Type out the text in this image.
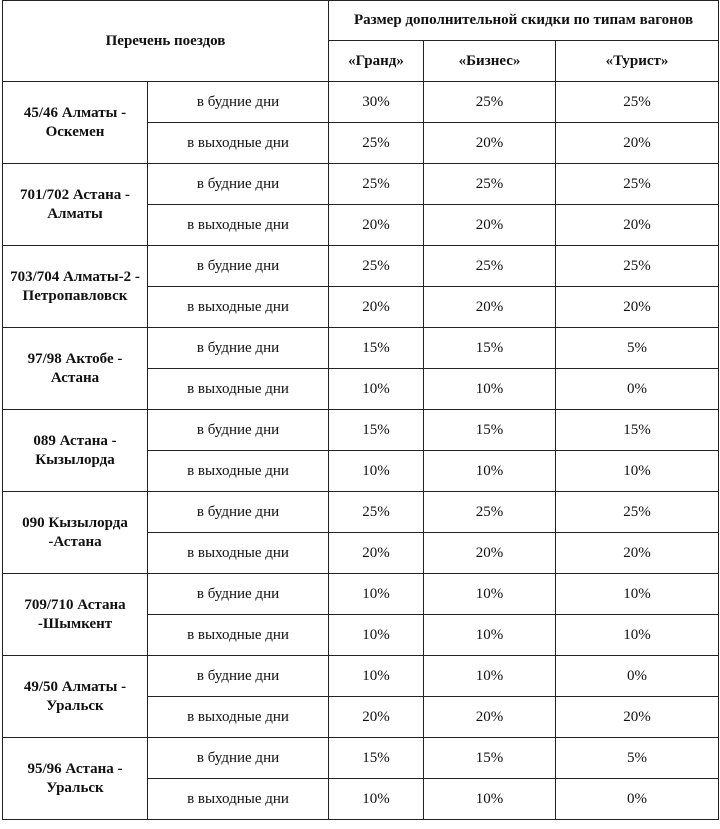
Перечень поездов		Размер дополнительной скидки по типам вагонов		
		«Гранд»	«Бизнес»	«Турист»
45/46 Алматы - Оскемен	в будние дни	30%	25%	25%
	в выходные дни	25%	20%	20%
701/702 Астана - Алматы	в будние дни	25%	25%	25%
	в выходные дни	20%	20%	20%
703/704 Алматы-2 - Петропавловск	в будние дни	25%	25%	25%
	в выходные дни	20%	20%	20%
97/98 Актобе - Астана	в будние дни	15%	15%	5%
	в выходные дни	10%	10%	0%
089 Астана - Кызылорда	в будние дни	15%	15%	15%
	в выходные дни	10%	10%	10%
090 Кызылорда -Астана	в будние дни	25%	25%	25%
	в выходные дни	20%	20%	20%
709/710 Астана -Шымкент	в будние дни	10%	10%	10%
	в выходные дни	10%	10%	10%
49/50 Алматы - Уральск	в будние дни	10%	10%	0%
	в выходные дни	20%	20%	20%
95/96 Астана - Уральск	в будние дни	15%	15%	5%
	в выходные дни	10%	10%	0%
